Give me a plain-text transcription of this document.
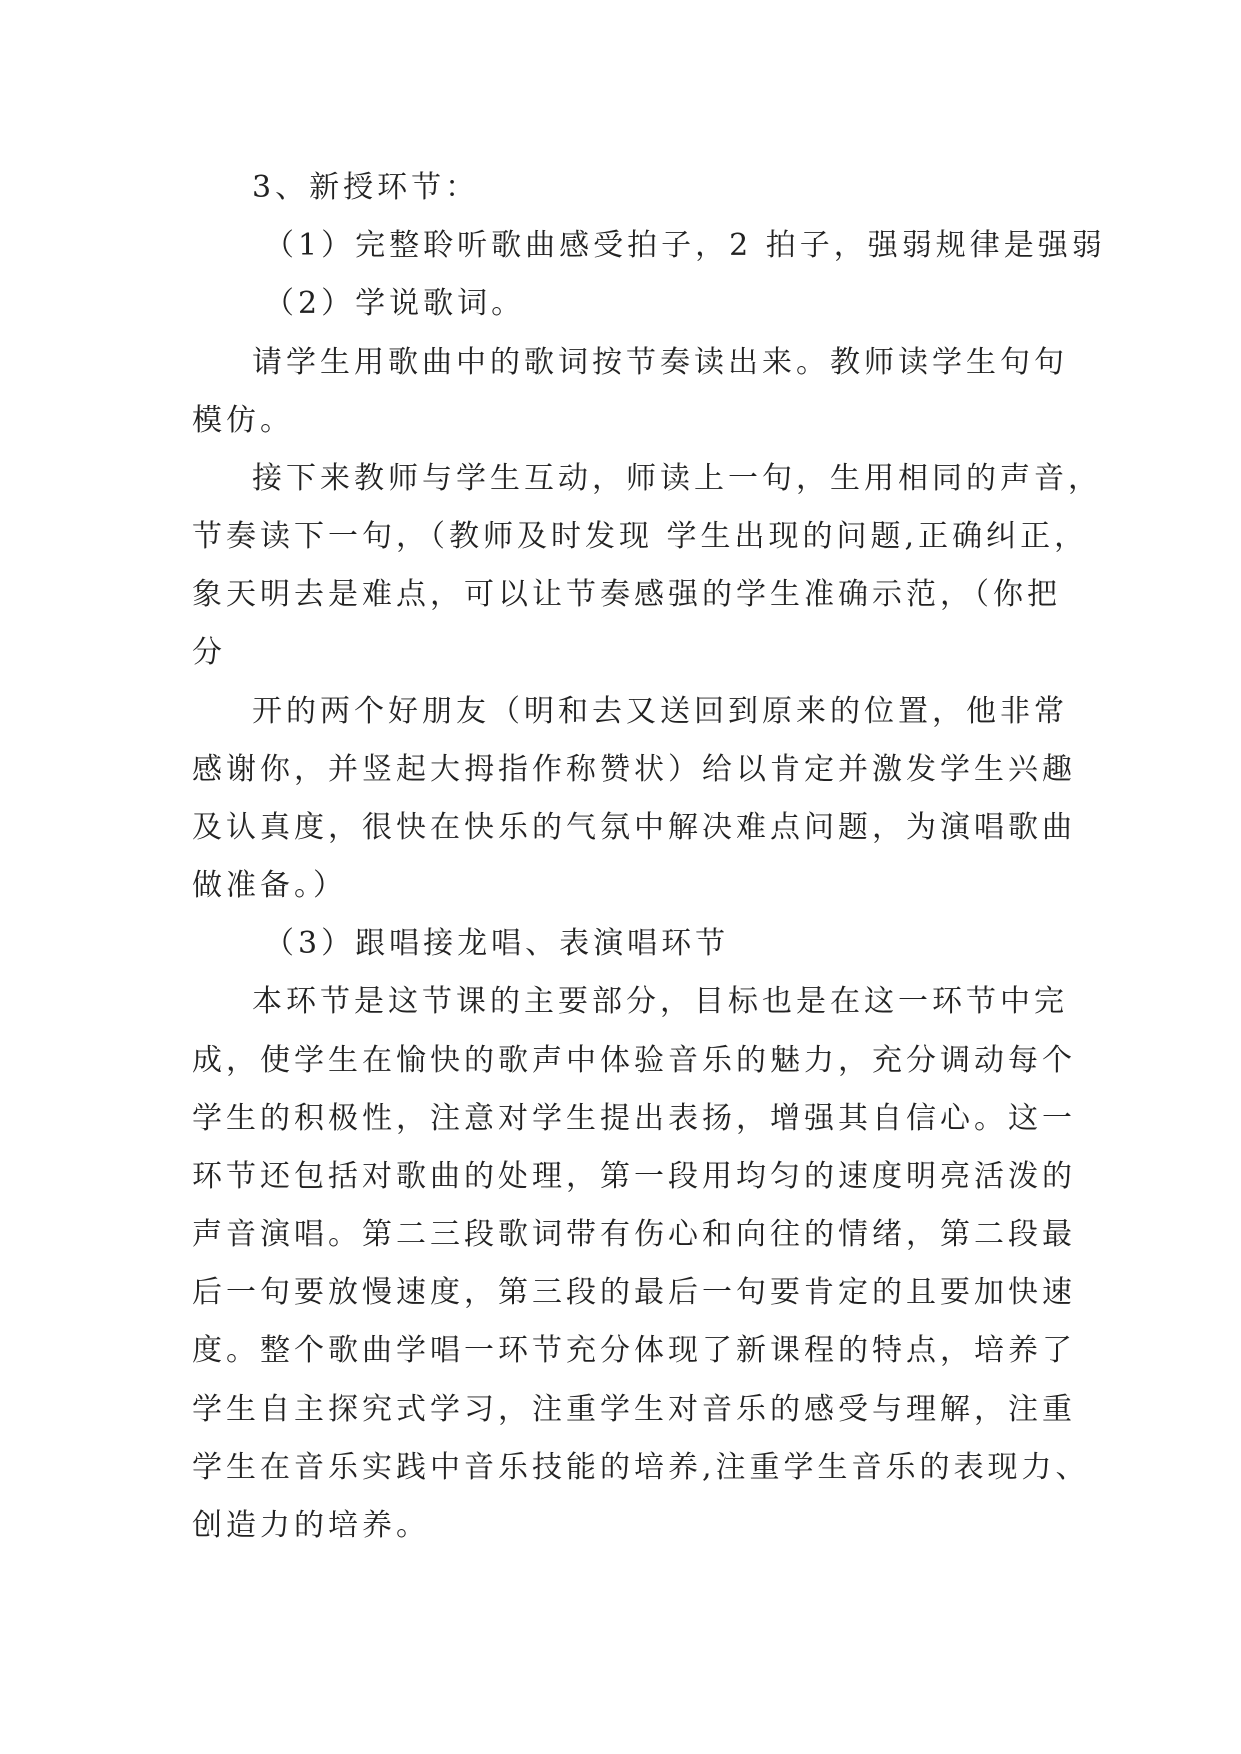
3、新授环节：
（1）完整聆听歌曲感受拍子，2 拍子，强弱规律是强弱
（2）学说歌词。
请学生用歌曲中的歌词按节奏读出来。教师读学生句句
模仿。
接下来教师与学生互动，师读上一句，生用相同的声音，
节奏读下一句，（教师及时发现 学生出现的问题,正确纠正，
象天明去是难点，可以让节奏感强的学生准确示范，（你把
分
开的两个好朋友（明和去又送回到原来的位置，他非常
感谢你，并竖起大拇指作称赞状）给以肯定并激发学生兴趣
及认真度，很快在快乐的气氛中解决难点问题，为演唱歌曲
做准备。）
（3）跟唱接龙唱、表演唱环节
本环节是这节课的主要部分，目标也是在这一环节中完
成，使学生在愉快的歌声中体验音乐的魅力，充分调动每个
学生的积极性，注意对学生提出表扬，增强其自信心。这一
环节还包括对歌曲的处理，第一段用均匀的速度明亮活泼的
声音演唱。第二三段歌词带有伤心和向往的情绪，第二段最
后一句要放慢速度，第三段的最后一句要肯定的且要加快速
度。整个歌曲学唱一环节充分体现了新课程的特点，培养了
学生自主探究式学习，注重学生对音乐的感受与理解，注重
学生在音乐实践中音乐技能的培养,注重学生音乐的表现力、
创造力的培养。
